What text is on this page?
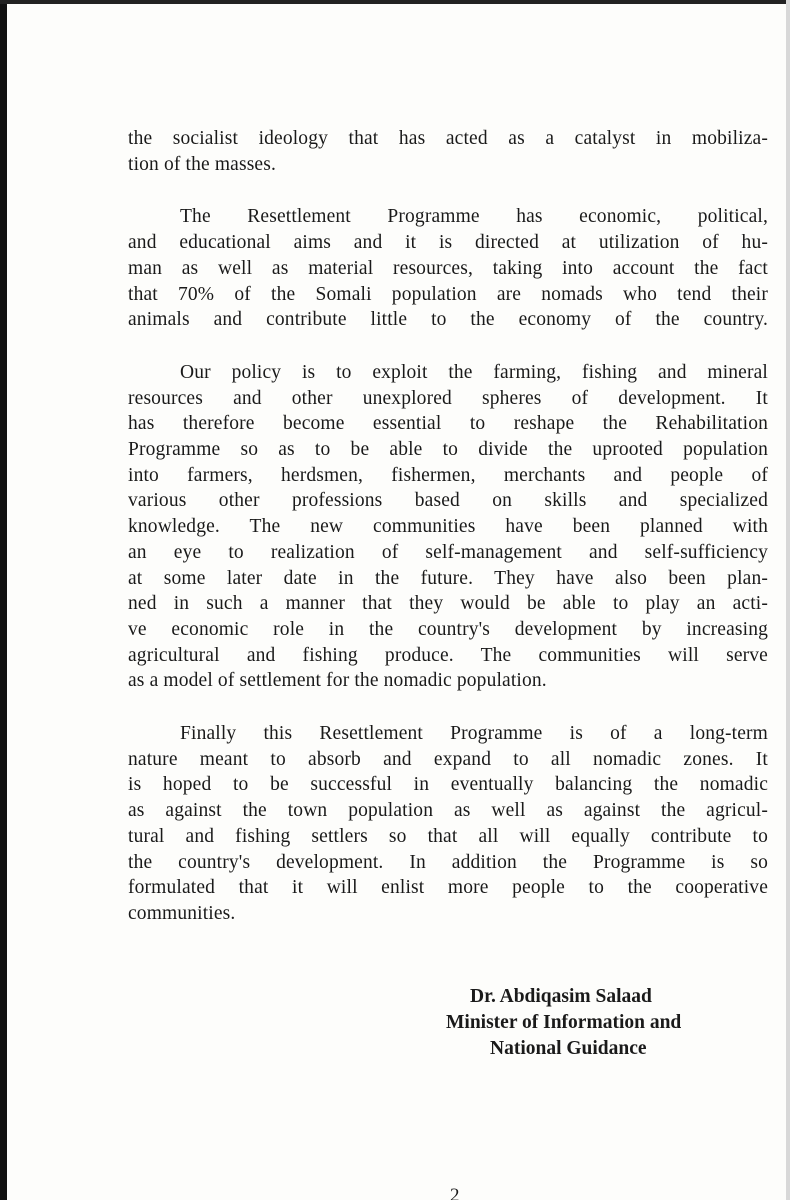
the socialist ideology that has acted as a catalyst in mobiliza-
tion of the masses.

The Resettlement Programme has economic, political,
and educational aims and it is directed at utilization of hu-
man as well as material resources, taking into account the fact
that 70% of the Somali population are nomads who tend their
animals and contribute little to the economy of the country.

Our policy is to exploit the farming, fishing and mineral
resources and other unexplored spheres of development. It
has therefore become essential to reshape the Rehabilitation
Programme so as to be able to divide the uprooted population
into farmers, herdsmen, fishermen, merchants and people of
various other professions based on skills and specialized
knowledge. The new communities have been planned with
an eye to realization of self-management and self-sufficiency
at some later date in the future. They have also been plan-
ned in such a manner that they would be able to play an acti-
ve economic role in the country's development by increasing
agricultural and fishing produce. The communities will serve
as a model of settlement for the nomadic population.

Finally this Resettlement Programme is of a long-term
nature meant to absorb and expand to all nomadic zones. It
is hoped to be successful in eventually balancing the nomadic
as against the town population as well as against the agricul-
tural and fishing settlers so that all will equally contribute to
the country's development. In addition the Programme is so
formulated that it will enlist more people to the cooperative
communities.

Dr. Abdiqasim Salaad
Minister of Information and
National Guidance
2
